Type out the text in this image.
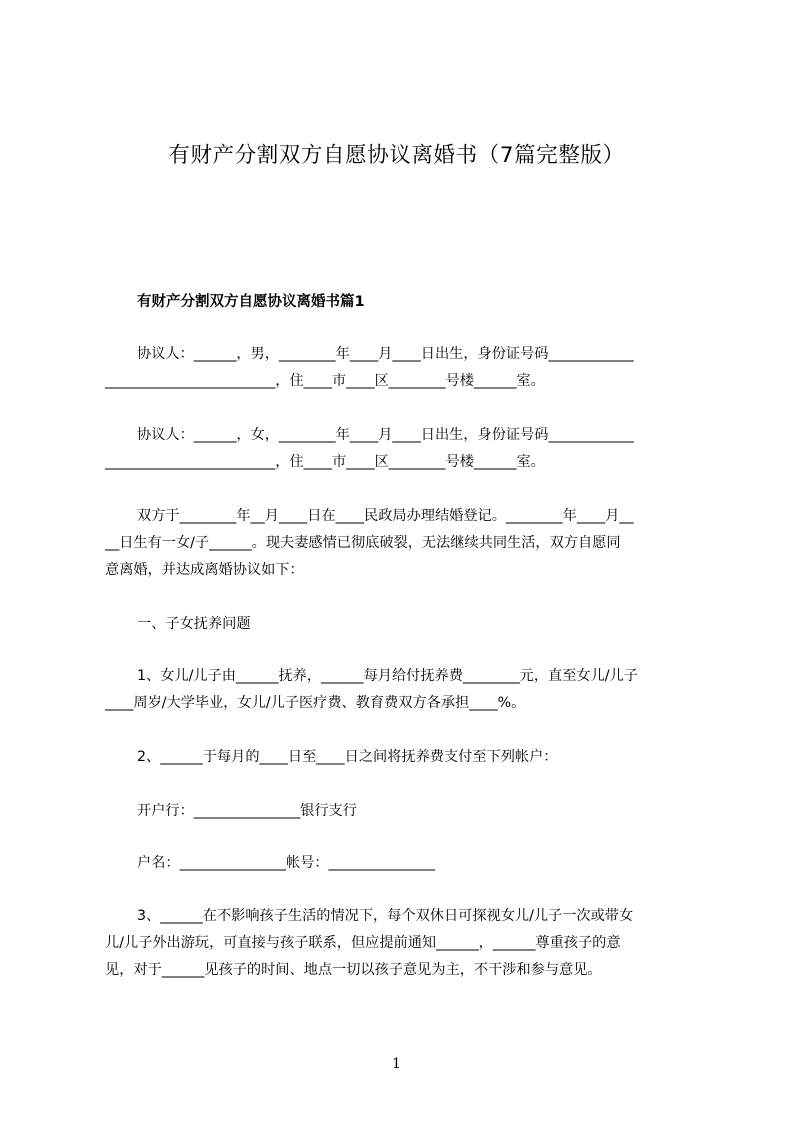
有财产分割双方自愿协议离婚书（7篇完整版）
有财产分割双方自愿协议离婚书篇1
协议人：______，男，________年____月____日出生，身份证号码____________
________________________，住____市____区________号楼______室。
协议人：______，女，________年____月____日出生，身份证号码____________
________________________，住____市____区________号楼______室。
双方于________年__月____日在____民政局办理结婚登记。________年____月__
__日生有一女/子______。现夫妻感情已彻底破裂，无法继续共同生活，双方自愿同
意离婚，并达成离婚协议如下：
一、子女抚养问题
1、女儿/儿子由______抚养，______每月给付抚养费________元，直至女儿/儿子
____周岁/大学毕业，女儿/儿子医疗费、教育费双方各承担____%。
2、______于每月的____日至____日之间将抚养费支付至下列帐户：
开户行：_______________银行支行
户名：_______________帐号：_______________
3、______在不影响孩子生活的情况下，每个双休日可探视女儿/儿子一次或带女
儿/儿子外出游玩，可直接与孩子联系，但应提前通知______，______尊重孩子的意
见，对于______见孩子的时间、地点一切以孩子意见为主，不干涉和参与意见。
1
